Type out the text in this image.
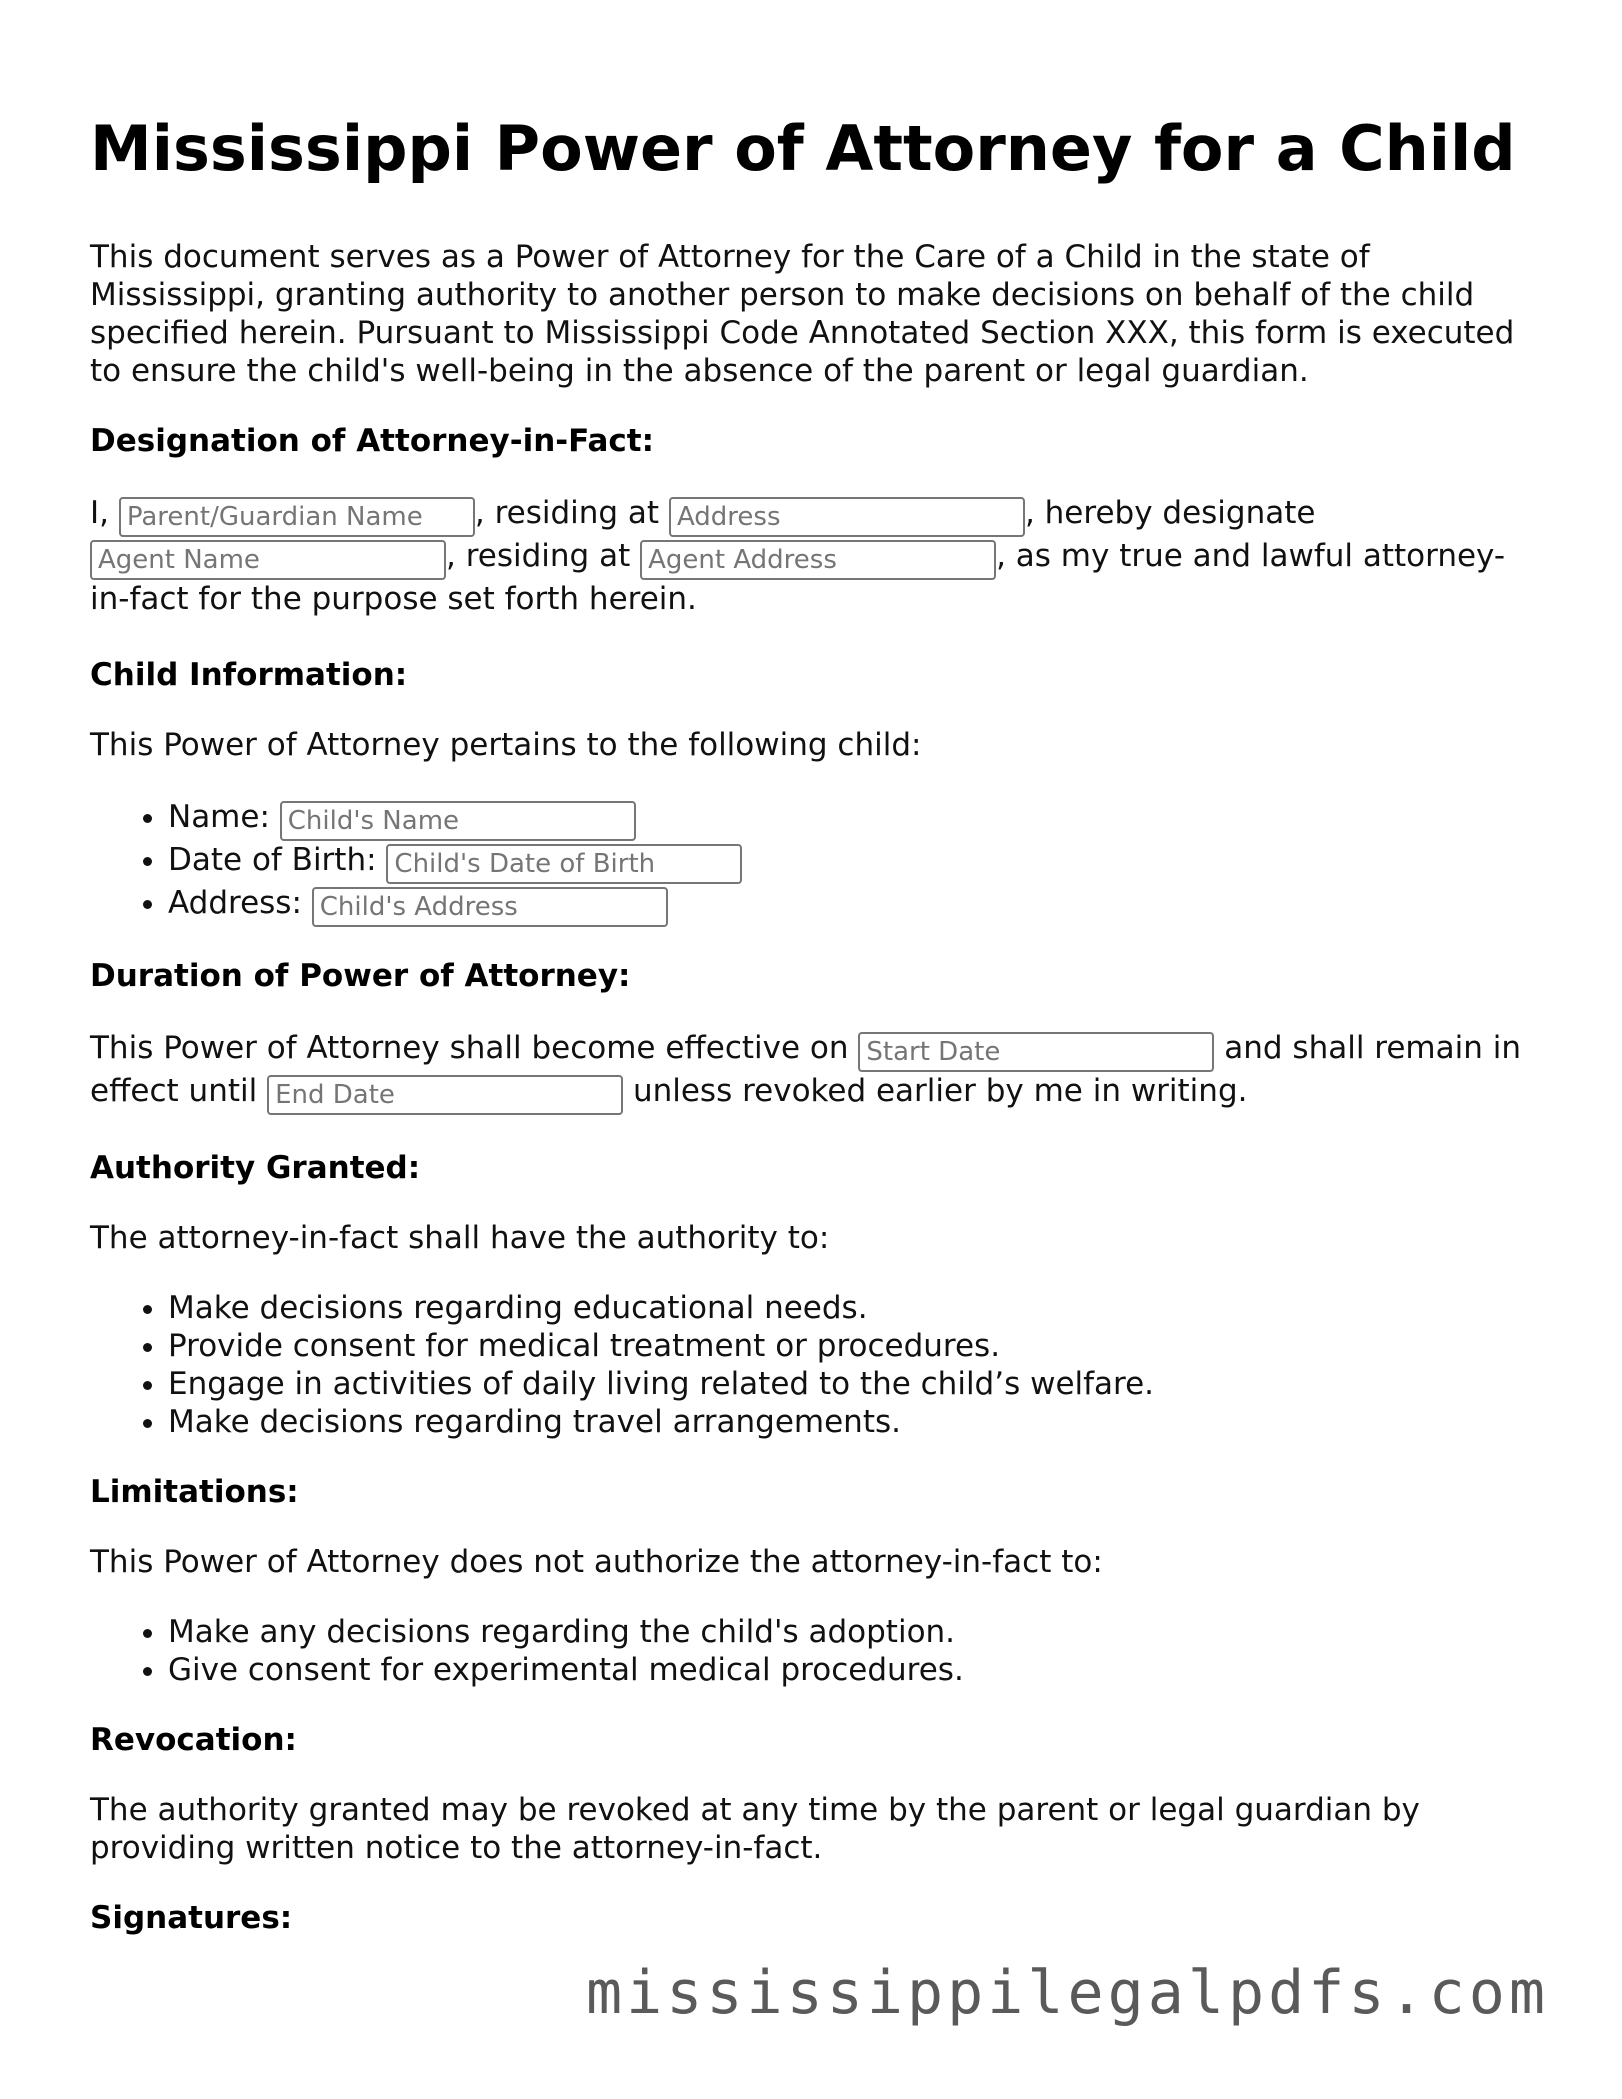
Mississippi Power of Attorney for a Child

This document serves as a Power of Attorney for the Care of a Child in the state of Mississippi, granting authority to another person to make decisions on behalf of the child specified herein. Pursuant to Mississippi Code Annotated Section XXX, this form is executed to ensure the child's well-being in the absence of the parent or legal guardian.

Designation of Attorney-in-Fact:

I, Parent/Guardian Name	, residing at Address	, hereby designate Agent Name, residing at Agent Address	, as my true and lawful attorney-in-fact for the purpose set forth herein.

Child Information:

This Power of Attorney pertains to the following child:

• Name: Child's Name
• Date of Birth: Child's Date of Birth
• Address: Child's Address
Duration of Power of Attorney:

This Power of Attorney shall become effective on Start Date	and shall remain in effect until End Date	unless revoked earlier by me in writing.

Authority Granted:

The attorney-in-fact shall have the authority to:

• Make decisions regarding educational needs.
• Provide consent for medical treatment or procedures.
• Engage in activities of daily living related to the child’s welfare.
• Make decisions regarding travel arrangements.
Limitations:

This Power of Attorney does not authorize the attorney-in-fact to:

• Make any decisions regarding the child's adoption.
• Give consent for experimental medical procedures.
Revocation:

The authority granted may be revoked at any time by the parent or legal guardian by providing written notice to the attorney-in-fact.

Signatures:
mississippilegalpdfs.com
